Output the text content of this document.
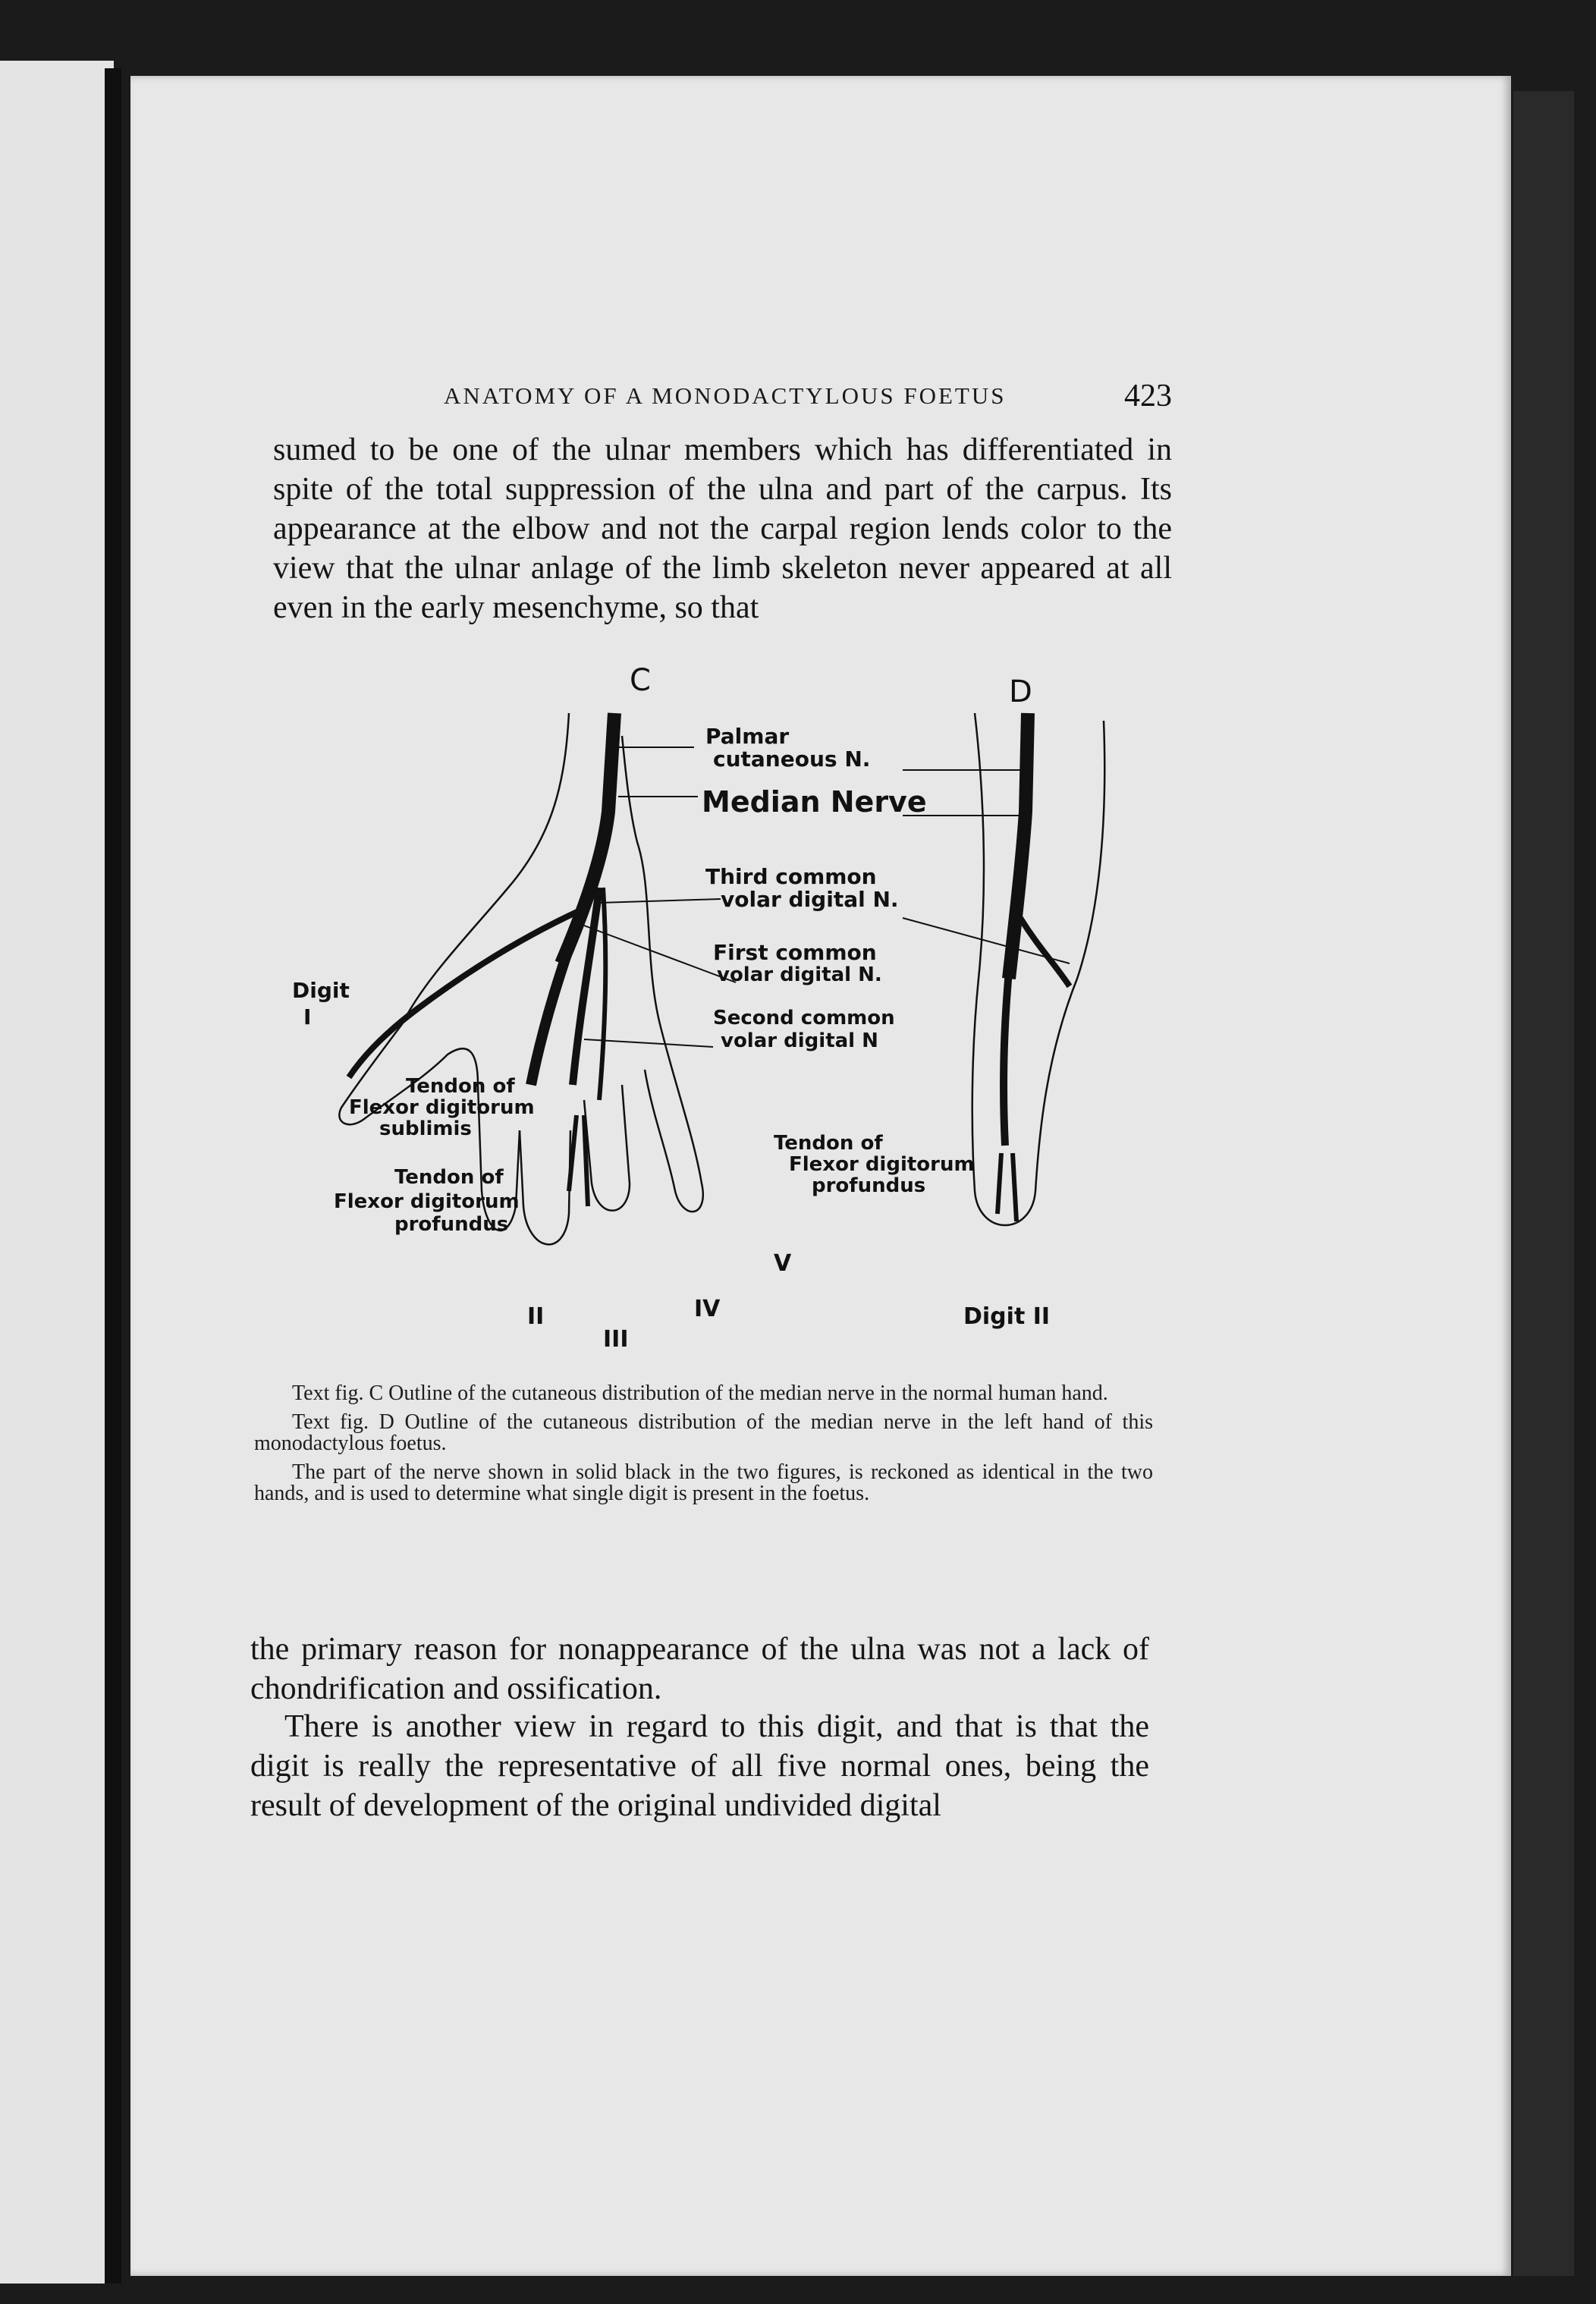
ANATOMY OF A MONODACTYLOUS FOETUS	423

sumed to be one of the ulnar members which has differentiated in spite of the total suppression of the ulna and part of the carpus. Its appearance at the elbow and not the carpal region lends color to the view that the ulnar anlage of the limb skeleton never appeared at all even in the early mesenchyme, so that

C	D
Palmar
cutaneous N.
Median Nerve
Third common
volar digital N.
First common
volar digital N.
Second common
volar digital N
Digit
I
Tendon of
Flexor digitorum
sublimis
Tendon of
Flexor digitorum
profundus
Tendon of
Flexor digitorum
profundus
II
III
IV
V
Digit II

Text fig. C Outline of the cutaneous distribution of the median nerve in the normal human hand.

Text fig. D Outline of the cutaneous distribution of the median nerve in the left hand of this monodactylous foetus.

The part of the nerve shown in solid black in the two figures, is reckoned as identical in the two hands, and is used to determine what single digit is present in the foetus.

the primary reason for nonappearance of the ulna was not a lack of chondrification and ossification.

There is another view in regard to this digit, and that is that the digit is really the representative of all five normal ones, being the result of development of the original undivided digital
